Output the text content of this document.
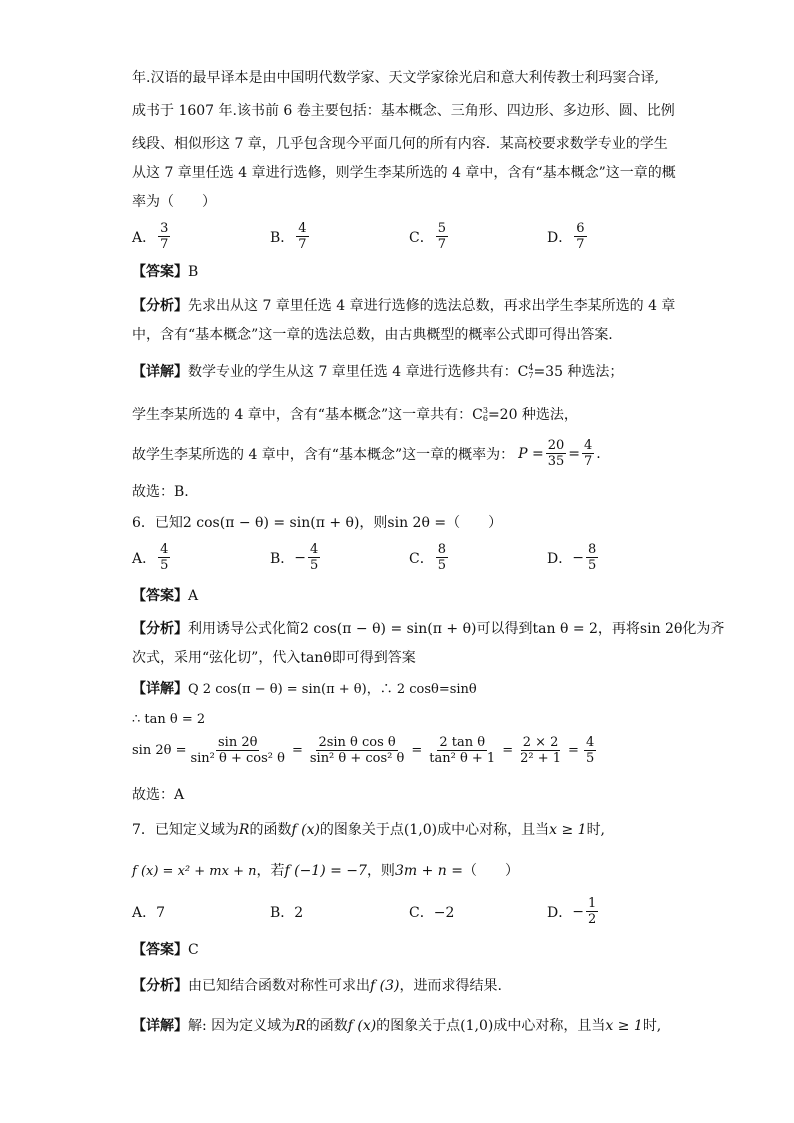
年.汉语的最早译本是由中国明代数学家、天文学家徐光启和意大利传教士利玛窦合译,
成书于 1607 年.该书前 6 卷主要包括：基本概念、三角形、四边形、多边形、圆、比例
线段、相似形这 7 章，几乎包含现今平面几何的所有内容．某高校要求数学专业的学生
从这 7 章里任选 4 章进行选修，则学生李某所选的 4 章中，含有“基本概念”这一章的概
率为（　　）
A． $\frac{3}{7}$	B． $\frac{4}{7}$	C． $\frac{5}{7}$	D． $\frac{6}{7}$
【答案】B
【分析】先求出从这 7 章里任选 4 章进行选修的选法总数，再求出学生李某所选的 4 章
中，含有“基本概念”这一章的选法总数，由古典概型的概率公式即可得出答案.
【详解】数学专业的学生从这 7 章里任选 4 章进行选修共有：C 4
7 =35 种选法；
学生李某所选的 4 章中，含有“基本概念”这一章共有：C 3
6 =20 种选法，
故学生李某所选的 4 章中，含有“基本概念”这一章的概率为： $P = \frac{20}{35} = \frac{4}{7}$ .
故选：B.
6．已知2 cos(π − θ) = sin(π + θ)，则sin 2θ =（　　）
A． $\frac{4}{5}$	B． − $\frac{4}{5}$	C． $\frac{8}{5}$	D． − $\frac{8}{5}$
【答案】A
【分析】利用诱导公式化简2 cos(π − θ) = sin(π + θ)可以得到tan θ = 2，再将sin 2θ化为齐
次式，采用“弦化切”，代入tanθ即可得到答案
【详解】Q 2 cos(π − θ) = sin(π + θ)，∴ 2 cosθ=sinθ
∴ tan θ = 2
$\sin 2\theta = \frac{\sin 2\theta}{\text{sin² θ + cos² θ}} = \frac{\text{2sin θ cos θ}}{\text{sin² θ + cos² θ}} = \frac{\text{2 tan θ}}{\text{tan² θ + 1}} = \frac{2 \times 2}{\text{2² + 1}} = \frac{4}{5}$
故选：A
7．已知定义域为R的函数f (x)的图象关于点(1,0)成中心对称，且当x ≥ 1时,
f (x) = x² + mx + n，若f (−1) = −7，则3m + n =（　　）
A．7	B．2	C．−2	D． − $\frac{1}{2}$
【答案】C
【分析】由已知结合函数对称性可求出f (3)，进而求得结果.
【详解】解: 因为定义域为R的函数f (x)的图象关于点(1,0)成中心对称，且当x ≥ 1时,
